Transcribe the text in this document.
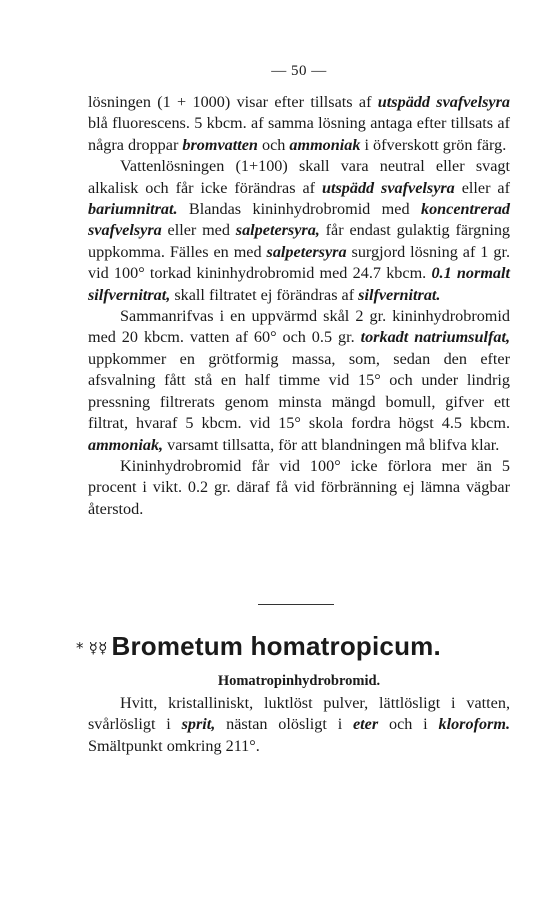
— 50 —

lösningen (1 + 1000) visar efter tillsats af utspädd svafvelsyra blå fluorescens. 5 kbcm. af samma lösning antaga efter tillsats af några droppar bromvatten och ammoniak i öfverskott grön färg.

Vattenlösningen (1+100) skall vara neutral eller svagt alkalisk och får icke förändras af utspädd svafvelsyra eller af bariumnitrat. Blandas kininhydrobromid med koncentrerad svafvelsyra eller med salpetersyra, får endast gulaktig färgning uppkomma. Fälles en med salpetersyra surgjord lösning af 1 gr. vid 100° torkad kininhydrobromid med 24.7 kbcm. 0.1 normalt silfvernitrat, skall filtratet ej förändras af silfvernitrat.

Sammanrifvas i en uppvärmd skål 2 gr. kininhydrobromid med 20 kbcm. vatten af 60° och 0.5 gr. torkadt natriumsulfat, uppkommer en grötformig massa, som, sedan den efter afsvalning fått stå en half timme vid 15° och under lindrig pressning filtrerats genom minsta mängd bomull, gifver ett filtrat, hvaraf 5 kbcm. vid 15° skola fordra högst 4.5 kbcm. ammoniak, varsamt tillsatta, för att blandningen må blifva klar.

Kininhydrobromid får vid 100° icke förlora mer än 5 procent i vikt. 0.2 gr. däraf få vid förbränning ej lämna vägbar återstod.

* ☿☿ Brometum homatropicum.
Homatropinhydrobromid.

Hvitt, kristalliniskt, luktlöst pulver, lättlösligt i vatten, svårlösligt i sprit, nästan olösligt i eter och i kloroform. Smältpunkt omkring 211°.
